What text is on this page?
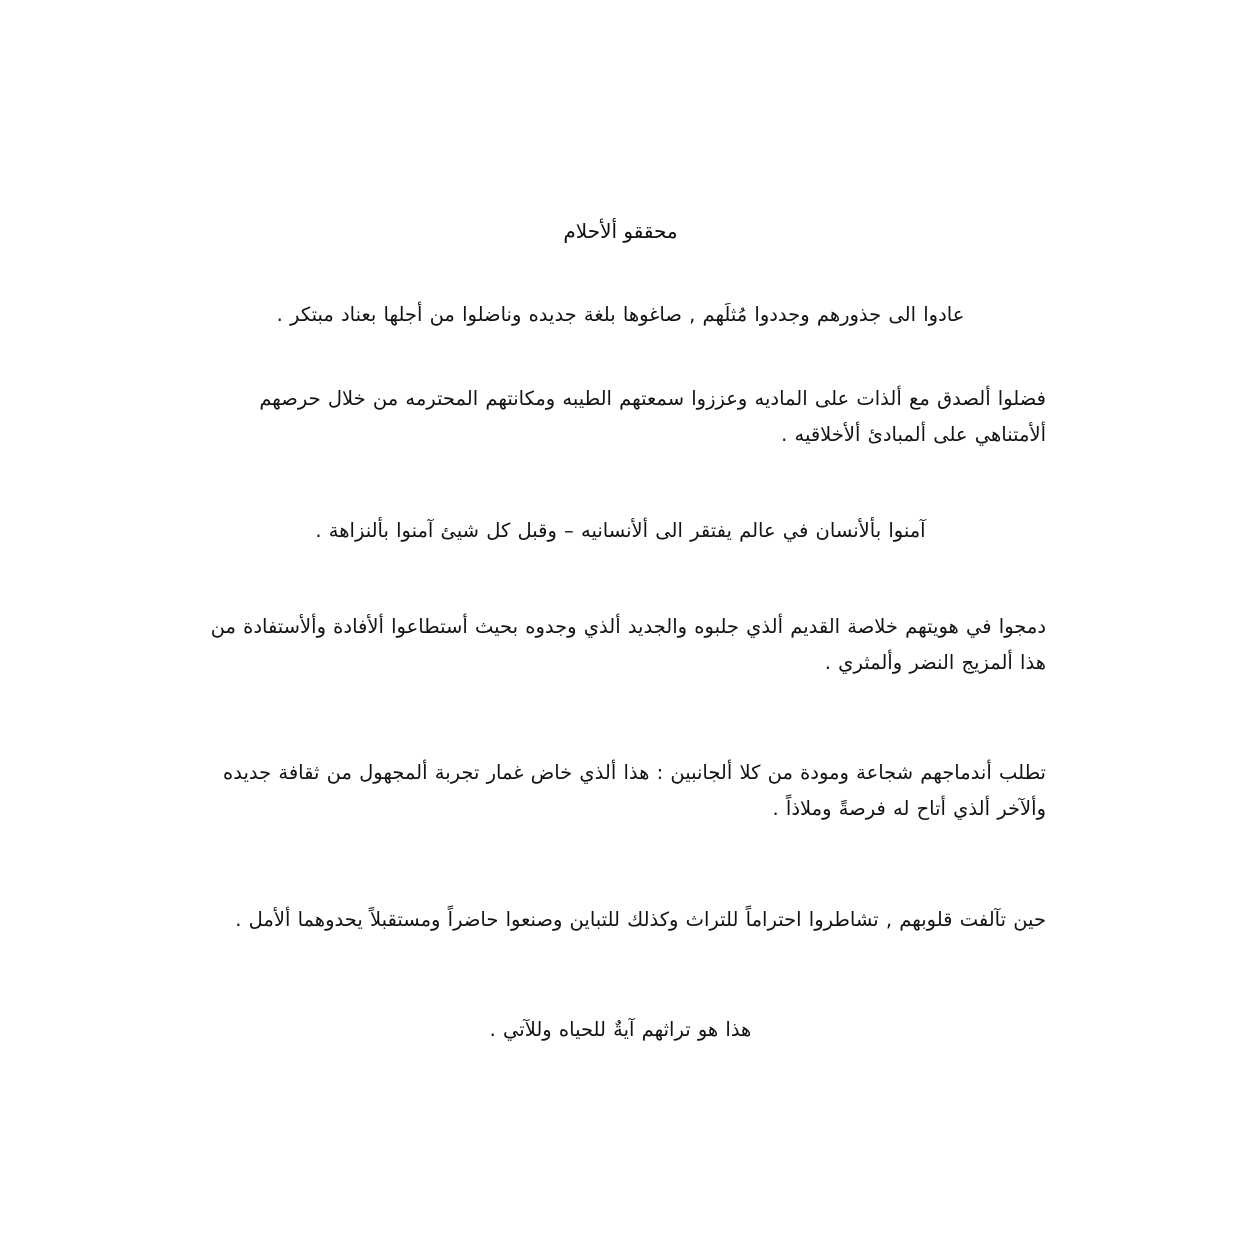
محققو ألأحلام

عادوا الى جذورهم وجددوا مُثلَهم , صاغوها بلغة جديده وناضلوا من أجلها بعناد مبتكر .

فضلوا ألصدق مع ألذات على الماديه وعززوا سمعتهم الطيبه ومكانتهم المحترمه من خلال حرصهم ألأمتناهي على ألمبادئ ألأخلاقيه .

آمنوا بألأنسان في عالم يفتقر الى ألأنسانيه – وقبل كل شيئ آمنوا بألنزاهة .

دمجوا في هويتهم خلاصة القديم ألذي جلبوه والجديد ألذي وجدوه بحيث أستطاعوا ألأفادة وألأستفادة من هذا ألمزيج النضر وألمثري .

تطلب أندماجهم شجاعة ومودة من كلا ألجانبين : هذا ألذي خاض غمار تجربة ألمجهول من ثقافة جديده وألآخر ألذي أتاح له فرصةً وملاذاً .

حين تآلفت قلوبهم , تشاطروا احتراماً للتراث وكذلك للتباين وصنعوا حاضراً ومستقبلاً يحدوهما ألأمل .

هذا هو تراثهم آيةٌ للحياه وللآتي .
